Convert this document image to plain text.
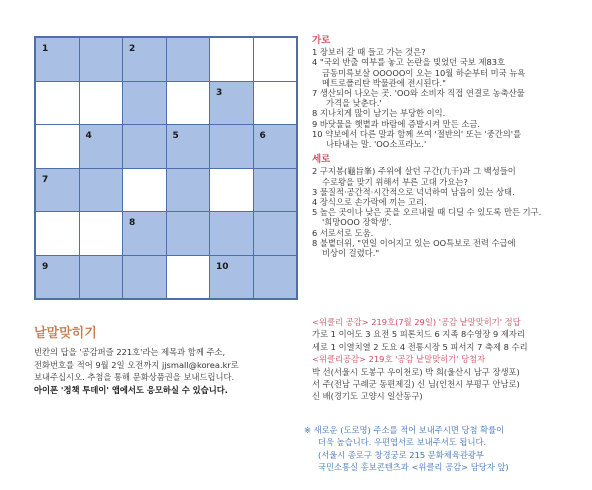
1	2
3
4	5	6
7
8
9	10
가로
1 장보러 갈 때 들고 가는 것은?
4 "국외 반출 여부를 놓고 논란을 빚었던 국보 제83호
금동미륵보살 OOOOO이 오는 10월 하순부터 미국 뉴욕
메트로폴리탄 박물관에 전시된다."
7 생산되어 나오는 곳. 'OO와 소비자 직접 연결로 농축산물
가격을 낮춘다.'
8 지나치게 많이 남기는 부당한 이익.
9 바닷물을 햇볕과 바람에 증발시켜 만든 소금.
10 약보에서 다른 말과 함께 쓰여 '절반의' 또는 '중간의'를
나타내는 말. 'OO소프라노.'
세로
2 구지봉(龜旨峯) 주위에 살던 구간(九干)과 그 백성들이
수로왕을 맞기 위해서 부른 고대 가요는?
3 물질적·공간적·시간적으로 넉넉하여 남음이 있는 상태.
4 장식으로 손가락에 끼는 고리.
5 높은 곳이나 낮은 곳을 오르내릴 때 디딜 수 있도록 만든 기구.
'희망OOO 장학생'.
6 서로서로 도움.
8 불볕더위, "연일 이어지고 있는 OO특보로 전력 수급에
비상이 걸렸다."
낱말맞히기
빈칸의 답을 '공감퍼즐 221호'라는 제목과 함께 주소,
전화번호를 적어 9월 2일 오전까지 jjsmall@korea.kr로
보내주십시오. 추첨을 통해 문화상품권을 보내드립니다.
아이폰 '정책 투데이' 앱에서도 응모하실 수 있습니다.
<위클리 공감> 219호(7월 29일) '공감 낱말맞히기' 정답
가로 1 이어도 3 요전 5 피톤치드 6 지족 8수영장 9 제자리
세로 1 이열치열 2 도요 4 전통시장 5 피서지 7 축제 8 수리
<위클리공감> 219호 '공감 낱말맞히기' 당첨자
박 선(서울시 도봉구 우이천로) 박 희(울산시 남구 장생포)
서 주(전남 구례군 동편제길) 신 님(인천시 부평구 안남로)
신 배(경기도 고양시 일산동구)
※ 새로운 (도로명) 주소를 적어 보내주시면 당첨 확률이
더욱 높습니다. 우편엽서로 보내주셔도 됩니다.
(서울시 종로구 창경궁로 215 문화체육관광부
국민소통실 홍보콘텐츠과 <위클리 공감> 담당자 앞)
